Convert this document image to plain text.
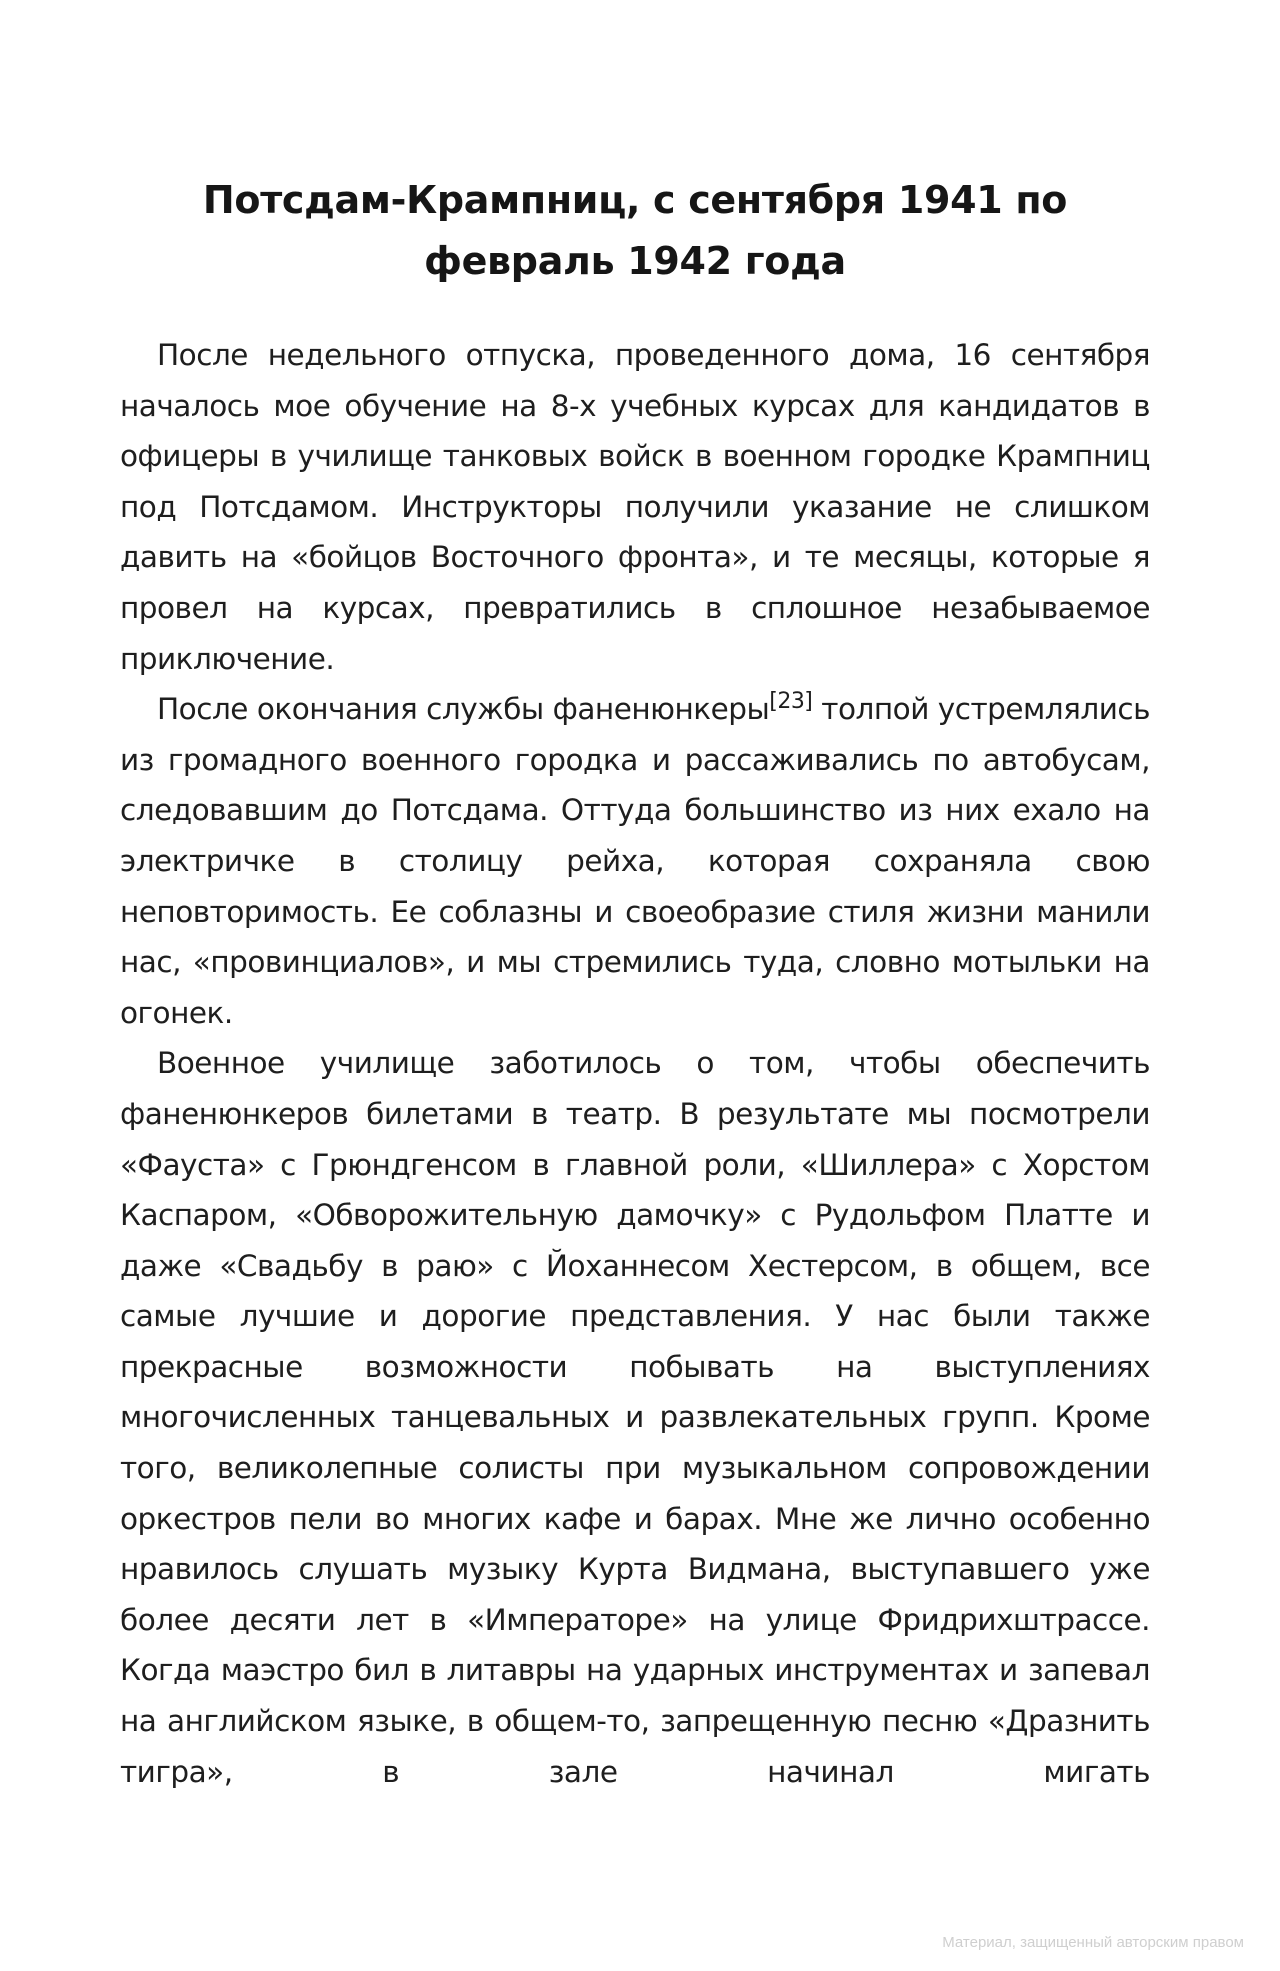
Потсдам-Крампниц, с сентября 1941 по февраль 1942 года

После недельного отпуска, проведенного дома, 16 сентября началось мое обучение на 8-х учебных курсах для кандидатов в офицеры в училище танковых войск в военном городке Крампниц под Потсдамом. Инструкторы получили указание не слишком давить на «бойцов Восточного фронта», и те месяцы, которые я провел на курсах, превратились в сплошное незабываемое приключение.

После окончания службы фаненюнкеры[23] толпой устремлялись из громадного военного городка и рассаживались по автобусам, следовавшим до Потсдама. Оттуда большинство из них ехало на электричке в столицу рейха, которая сохраняла свою неповторимость. Ее соблазны и своеобразие стиля жизни манили нас, «провинциалов», и мы стремились туда, словно мотыльки на огонек.

Военное училище заботилось о том, чтобы обеспечить фаненюнкеров билетами в театр. В результате мы посмотрели «Фауста» с Грюндгенсом в главной роли, «Шиллера» с Хорстом Каспаром, «Обворожительную дамочку» с Рудольфом Платте и даже «Свадьбу в раю» с Йоханнесом Хестерсом, в общем, все самые лучшие и дорогие представления. У нас были также прекрасные возможности побывать на выступлениях многочисленных танцевальных и развлекательных групп. Кроме того, великолепные солисты при музыкальном сопровождении оркестров пели во многих кафе и барах. Мне же лично особенно нравилось слушать музыку Курта Видмана, выступавшего уже более десяти лет в «Императоре» на улице Фридрихштрассе. Когда маэстро бил в литавры на ударных инструментах и запевал на английском языке, в общем-то, запрещенную песню «Дразнить тигра», в зале начинал мигать

Материал, защищенный авторским правом
